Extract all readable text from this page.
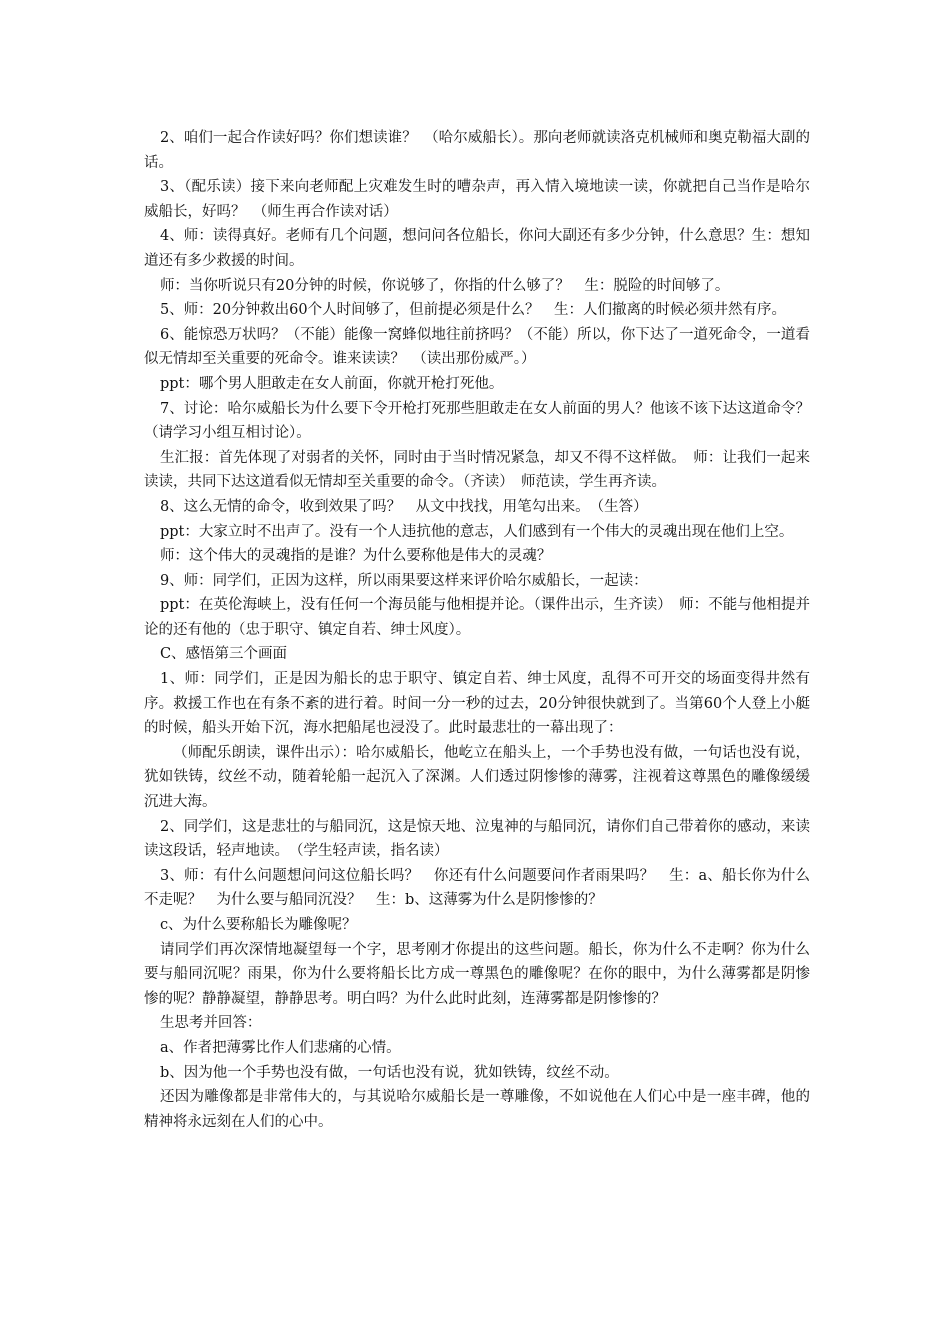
2、咱们一起合作读好吗？你们想读谁？　（哈尔威船长）。那向老师就读洛克机械师和奥克勒福大副的话。

3、（配乐读）接下来向老师配上灾难发生时的嘈杂声，再入情入境地读一读，你就把自己当作是哈尔威船长，好吗？　（师生再合作读对话）

4、师：读得真好。老师有几个问题，想问问各位船长，你问大副还有多少分钟，什么意思？生：想知道还有多少救援的时间。

师：当你听说只有20分钟的时候，你说够了，你指的什么够了？　生：脱险的时间够了。

5、师：20分钟救出60个人时间够了，但前提必须是什么？　生：人们撤离的时候必须井然有序。

6、能惊恐万状吗？（不能）能像一窝蜂似地往前挤吗？（不能）所以，你下达了一道死命令，一道看似无情却至关重要的死命令。谁来读读？　（读出那份威严。）

ppt：哪个男人胆敢走在女人前面，你就开枪打死他。

7、讨论：哈尔威船长为什么要下令开枪打死那些胆敢走在女人前面的男人？他该不该下达这道命令？　（请学习小组互相讨论）。

生汇报：首先体现了对弱者的关怀，同时由于当时情况紧急，却又不得不这样做。　师：让我们一起来读读，共同下达这道看似无情却至关重要的命令。（齐读）　师范读，学生再齐读。

8、这么无情的命令，收到效果了吗？　从文中找找，用笔勾出来。　（生答）

ppt：大家立时不出声了。没有一个人违抗他的意志，人们感到有一个伟大的灵魂出现在他们上空。

师：这个伟大的灵魂指的是谁？为什么要称他是伟大的灵魂？

9、师：同学们，正因为这样，所以雨果要这样来评价哈尔威船长，一起读：

ppt：在英伦海峡上，没有任何一个海员能与他相提并论。（课件出示，生齐读）　师：不能与他相提并论的还有他的（忠于职守、镇定自若、绅士风度）。

C、感悟第三个画面

1、师：同学们，正是因为船长的忠于职守、镇定自若、绅士风度，乱得不可开交的场面变得井然有序。救援工作也在有条不紊的进行着。时间一分一秒的过去，20分钟很快就到了。当第60个人登上小艇的时候，船头开始下沉，海水把船尾也浸没了。此时最悲壮的一幕出现了：

（师配乐朗读，课件出示）：哈尔威船长，他屹立在船头上，一个手势也没有做，一句话也没有说，犹如铁铸，纹丝不动，随着轮船一起沉入了深渊。人们透过阴惨惨的薄雾，注视着这尊黑色的雕像缓缓沉进大海。

2、同学们，这是悲壮的与船同沉，这是惊天地、泣鬼神的与船同沉，请你们自己带着你的感动，来读读这段话，轻声地读。　（学生轻声读，指名读）

3、师：有什么问题想问问这位船长吗？　你还有什么问题要问作者雨果吗？　生：a、船长你为什么不走呢？　为什么要与船同沉没？　生：b、这薄雾为什么是阴惨惨的？

c、为什么要称船长为雕像呢？

请同学们再次深情地凝望每一个字，思考刚才你提出的这些问题。船长，你为什么不走啊？你为什么要与船同沉呢？雨果，你为什么要将船长比方成一尊黑色的雕像呢？在你的眼中，为什么薄雾都是阴惨惨的呢？静静凝望，静静思考。明白吗？为什么此时此刻，连薄雾都是阴惨惨的？

生思考并回答：

a、作者把薄雾比作人们悲痛的心情。

b、因为他一个手势也没有做，一句话也没有说，犹如铁铸，纹丝不动。

还因为雕像都是非常伟大的，与其说哈尔威船长是一尊雕像，不如说他在人们心中是一座丰碑，他的精神将永远刻在人们的心中。
